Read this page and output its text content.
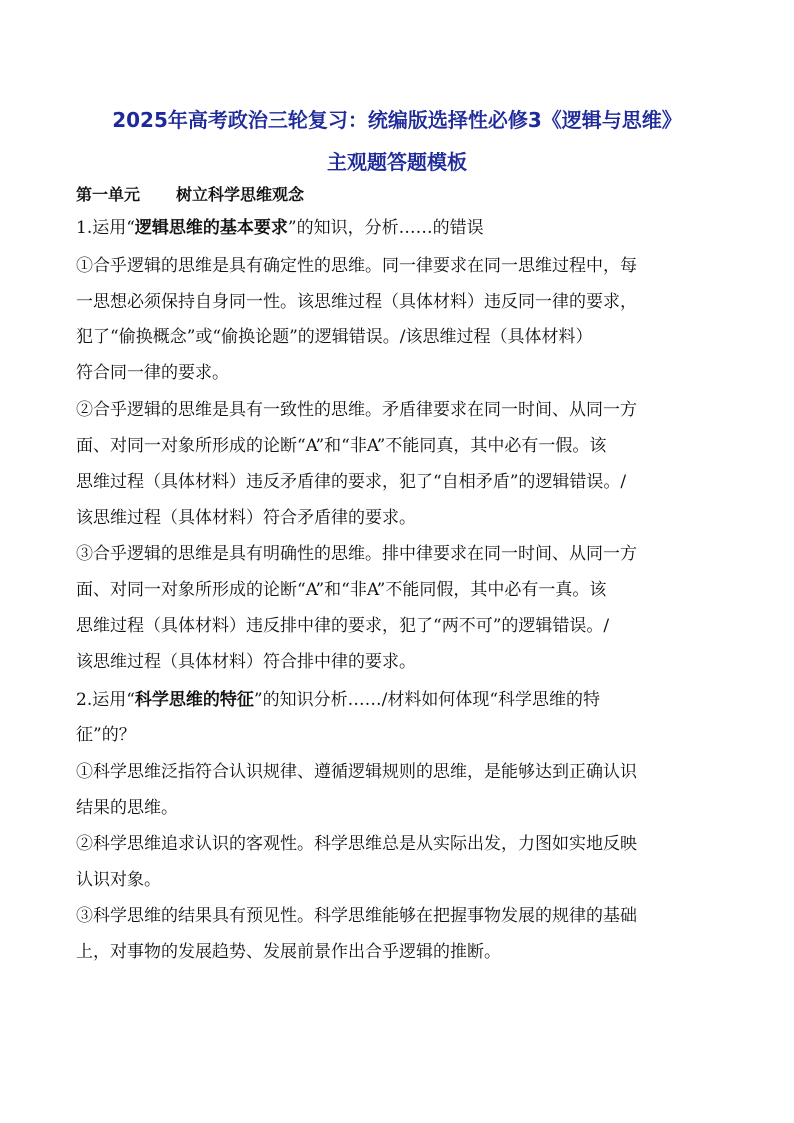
2025年高考政治三轮复习：统编版选择性必修3《逻辑与思维》
主观题答题模板
第一单元 树立科学思维观念
1.运用“逻辑思维的基本要求”的知识，分析……的错误
①合乎逻辑的思维是具有确定性的思维。同一律要求在同一思维过程中，每
一思想必须保持自身同一性。该思维过程（具体材料）违反同一律的要求，
犯了“偷换概念”或“偷换论题”的逻辑错误。/该思维过程（具体材料）
符合同一律的要求。
②合乎逻辑的思维是具有一致性的思维。矛盾律要求在同一时间、从同一方
面、对同一对象所形成的论断“A”和“非A”不能同真，其中必有一假。该
思维过程（具体材料）违反矛盾律的要求，犯了“自相矛盾”的逻辑错误。/
该思维过程（具体材料）符合矛盾律的要求。
③合乎逻辑的思维是具有明确性的思维。排中律要求在同一时间、从同一方
面、对同一对象所形成的论断“A”和“非A”不能同假，其中必有一真。该
思维过程（具体材料）违反排中律的要求，犯了“两不可”的逻辑错误。/
该思维过程（具体材料）符合排中律的要求。
2.运用“科学思维的特征”的知识分析……/材料如何体现“科学思维的特
征”的？
①科学思维泛指符合认识规律、遵循逻辑规则的思维，是能够达到正确认识
结果的思维。
②科学思维追求认识的客观性。科学思维总是从实际出发，力图如实地反映
认识对象。
③科学思维的结果具有预见性。科学思维能够在把握事物发展的规律的基础
上，对事物的发展趋势、发展前景作出合乎逻辑的推断。
